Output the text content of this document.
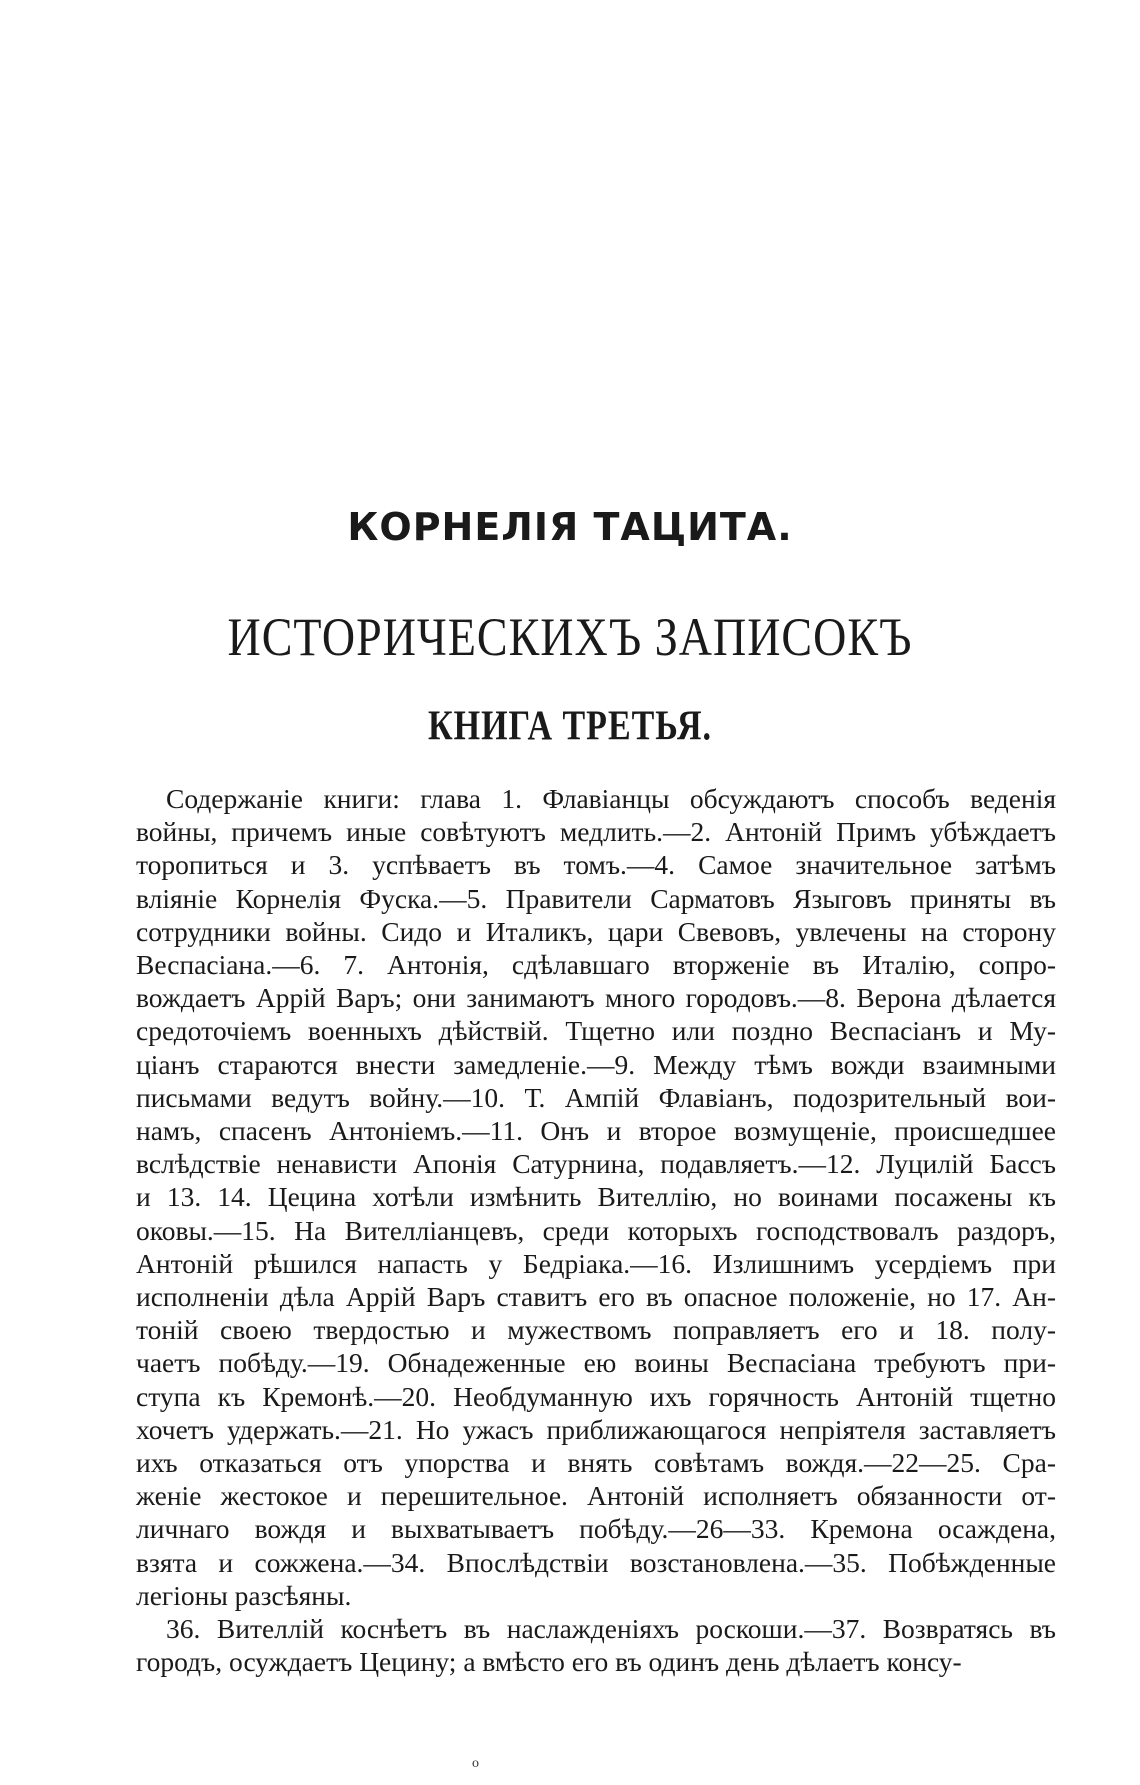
КОРНЕЛІЯ ТАЦИТА.
ИСТОРИЧЕСКИХЪ ЗАПИСОКЪ
КНИГА ТРЕТЬЯ.
Содержаніе книги: глава 1. Флавіанцы обсуждаютъ способъ веденія
войны, причемъ иные совѣтуютъ медлить.—2. Антоній Примъ убѣждаетъ
торопиться и 3. успѣваетъ въ томъ.—4. Самое значительное затѣмъ
вліяніе Корнелія Фуска.—5. Правители Сарматовъ Языговъ приняты въ
сотрудники войны. Сидо и Италикъ, цари Свевовъ, увлечены на сторону
Веспасіана.—6. 7. Антонія, сдѣлавшаго вторженіе въ Италію, сопро-
вождаетъ Аррій Варъ; они занимаютъ много городовъ.—8. Верона дѣлается
средоточіемъ военныхъ дѣйствій. Тщетно или поздно Веспасіанъ и Му-
ціанъ стараются внести замедленіе.—9. Между тѣмъ вожди взаимными
письмами ведутъ войну.—10. Т. Ампій Флавіанъ, подозрительный вои-
намъ, спасенъ Антоніемъ.—11. Онъ и второе возмущеніе, происшедшее
вслѣдствіе ненависти Апонія Сатурнина, подавляетъ.—12. Луцилій Бассъ
и 13. 14. Цецина хотѣли измѣнить Вителлію, но воинами посажены къ
оковы.—15. На Вителліанцевъ, среди которыхъ господствовалъ раздоръ,
Антоній рѣшился напасть у Бедріака.—16. Излишнимъ усердіемъ при
исполненіи дѣла Аррій Варъ ставитъ его въ опасное положеніе, но 17. Ан-
тоній своею твердостью и мужествомъ поправляетъ его и 18. полу-
чаетъ побѣду.—19. Обнадеженные ею воины Веспасіана требуютъ при-
ступа къ Кремонѣ.—20. Необдуманную ихъ горячность Антоній тщетно
хочетъ удержать.—21. Но ужасъ приближающагося непріятеля заставляетъ
ихъ отказаться отъ упорства и внять совѣтамъ вождя.—22—25. Сра-
женіе жестокое и перешительное. Антоній исполняетъ обязанности от-
личнаго вождя и выхватываетъ побѣду.—26—33. Кремона осаждена,
взята и сожжена.—34. Впослѣдствіи возстановлена.—35. Побѣжденные
легіоны разсѣяны.
36. Вителлій коснѣетъ въ наслажденіяхъ роскоши.—37. Возвратясь въ
городъ, осуждаетъ Цецину; а вмѣсто его въ одинъ день дѣлаетъ консу-
о
